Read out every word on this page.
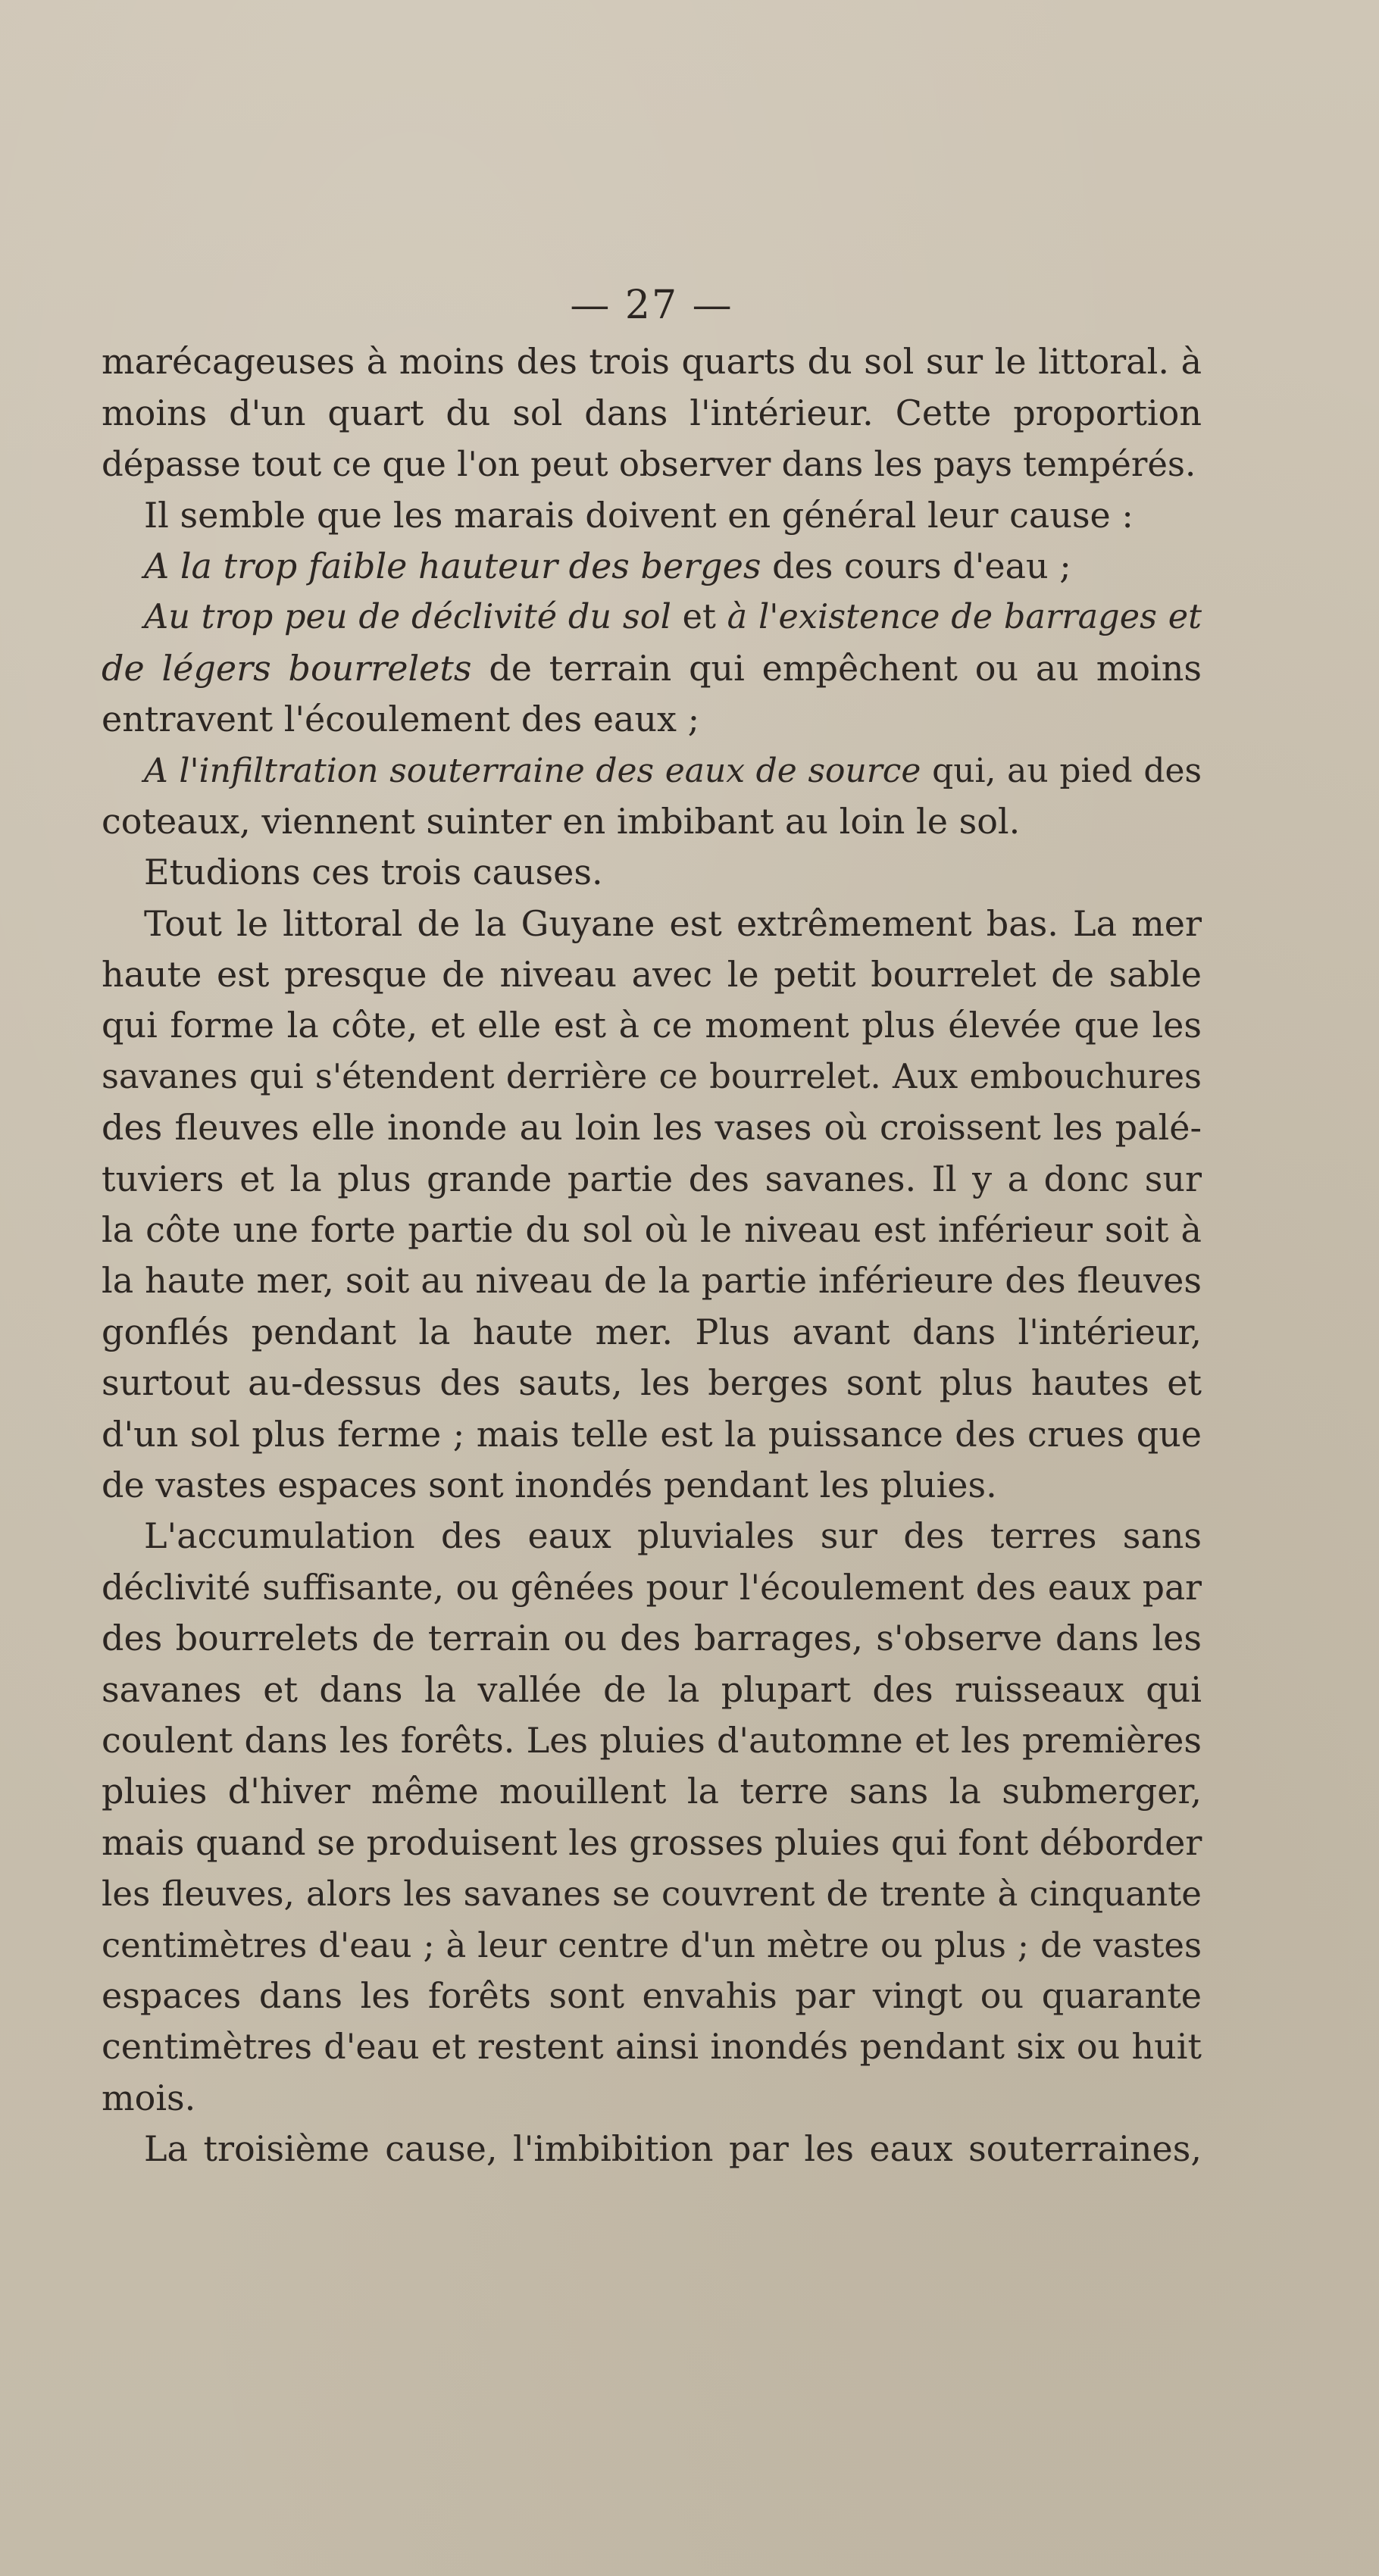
— 27 —
marécageuses à moins des trois quarts du sol sur le littoral. à
moins d'un quart du sol dans l'intérieur. Cette proportion
dépasse tout ce que l'on peut observer dans les pays tempérés.
Il semble que les marais doivent en général leur cause :
A la trop faible hauteur des berges des cours d'eau ;
Au trop peu de déclivité du sol et à l'existence de barrages et
de légers bourrelets de terrain qui empêchent ou au moins
entravent l'écoulement des eaux ;
A l'infiltration souterraine des eaux de source qui, au pied des
coteaux, viennent suinter en imbibant au loin le sol.
Etudions ces trois causes.
Tout le littoral de la Guyane est extrêmement bas. La mer
haute est presque de niveau avec le petit bourrelet de sable
qui forme la côte, et elle est à ce moment plus élevée que les
savanes qui s'étendent derrière ce bourrelet. Aux embouchures
des fleuves elle inonde au loin les vases où croissent les palé-
tuviers et la plus grande partie des savanes. Il y a donc sur
la côte une forte partie du sol où le niveau est inférieur soit à
la haute mer, soit au niveau de la partie inférieure des fleuves
gonflés pendant la haute mer. Plus avant dans l'intérieur,
surtout au-dessus des sauts, les berges sont plus hautes et
d'un sol plus ferme ; mais telle est la puissance des crues que
de vastes espaces sont inondés pendant les pluies.
L'accumulation des eaux pluviales sur des terres sans
déclivité suffisante, ou gênées pour l'écoulement des eaux par
des bourrelets de terrain ou des barrages, s'observe dans les
savanes et dans la vallée de la plupart des ruisseaux qui
coulent dans les forêts. Les pluies d'automne et les premières
pluies d'hiver même mouillent la terre sans la submerger,
mais quand se produisent les grosses pluies qui font déborder
les fleuves, alors les savanes se couvrent de trente à cinquante
centimètres d'eau ; à leur centre d'un mètre ou plus ; de vastes
espaces dans les forêts sont envahis par vingt ou quarante
centimètres d'eau et restent ainsi inondés pendant six ou huit
mois.
La troisième cause, l'imbibition par les eaux souterraines,
